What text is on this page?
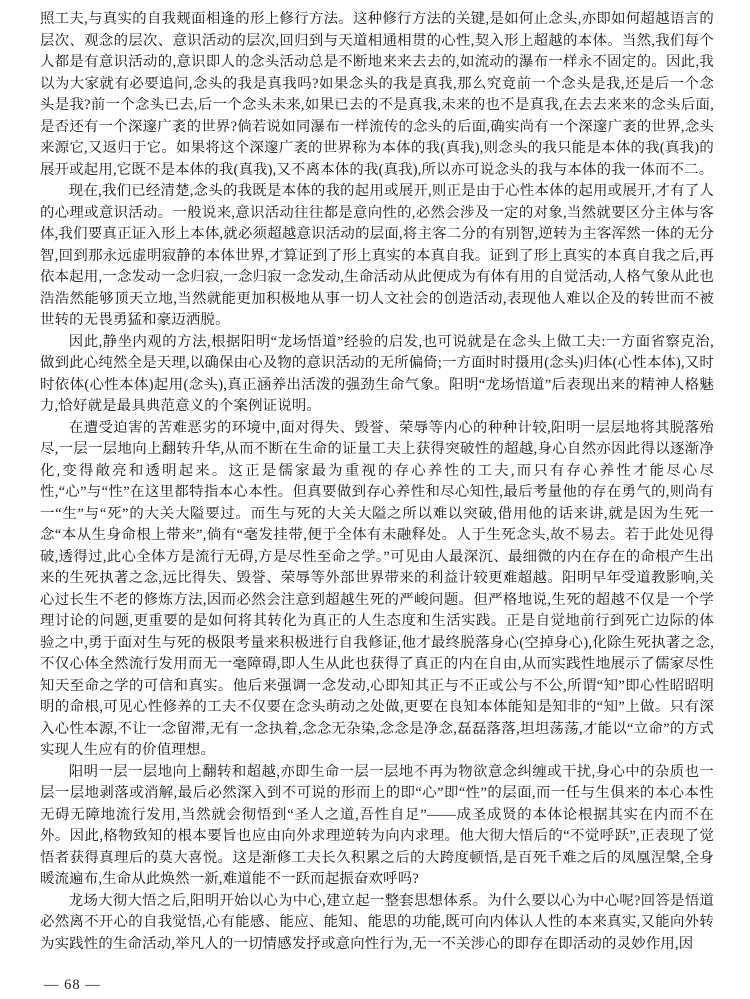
照工夫,与真实的自我觌面相逢的形上修行方法。这种修行方法的关键,是如何止念头,亦即如何超越语言的层次、观念的层次、意识活动的层次,回归到与天道相通相贯的心性,契入形上超越的本体。当然,我们每个人都是有意识活动的,意识即人的念头活动总是不断地来来去去的,如流动的瀑布一样永不固定的。因此,我以为大家就有必要追问,念头的我是真我吗?如果念头的我是真我,那么究竟前一个念头是我,还是后一个念头是我?前一个念头已去,后一个念头未来,如果已去的不是真我,未来的也不是真我,在去去来来的念头后面,是否还有一个深邃广袤的世界?倘若说如同瀑布一样流传的念头的后面,确实尚有一个深邃广袤的世界,念头来源它,又返归于它。如果将这个深邃广袤的世界称为本体的我(真我),则念头的我只能是本体的我(真我)的展开或起用,它既不是本体的我(真我),又不离本体的我(真我),所以亦可说念头的我与本体的我一体而不二。

现在,我们已经清楚,念头的我既是本体的我的起用或展开,则正是由于心性本体的起用或展开,才有了人的心理或意识活动。一般说来,意识活动往往都是意向性的,必然会涉及一定的对象,当然就要区分主体与客体,我们要真正证入形上本体,就必须超越意识活动的层面,将主客二分的有别智,逆转为主客浑然一体的无分智,回到那永远虚明寂静的本体世界,才算证到了形上真实的本真自我。证到了形上真实的本真自我之后,再依本起用,一念发动一念归寂,一念归寂一念发动,生命活动从此便成为有体有用的自觉活动,人格气象从此也浩浩然能够顶天立地,当然就能更加积极地从事一切人文社会的创造活动,表现他人难以企及的转世而不被世转的无畏勇猛和豪迈洒脱。

因此,静坐内观的方法,根据阳明“龙场悟道”经验的启发,也可说就是在念头上做工夫:一方面省察克治,做到此心纯然全是天理,以确保由心及物的意识活动的无所偏倚;一方面时时摄用(念头)归体(心性本体),又时时依体(心性本体)起用(念头),真正涵养出活泼的强劲生命气象。阳明“龙场悟道”后表现出来的精神人格魅力,恰好就是最具典范意义的个案例证说明。

在遭受迫害的苦难恶劣的环境中,面对得失、毁誉、荣辱等内心的种种计较,阳明一层层地将其脱落殆尽,一层一层地向上翻转升华,从而不断在生命的证量工夫上获得突破性的超越,身心自然亦因此得以逐渐净化,变得敞亮和透明起来。这正是儒家最为重视的存心养性的工夫,而只有存心养性才能尽心尽性,“心”与“性”在这里都特指本心本性。但真要做到存心养性和尽心知性,最后考量他的存在勇气的,则尚有一“生”与“死”的大关大隘要过。而生与死的大关大隘之所以难以突破,借用他的话来讲,就是因为生死一念“本从生身命根上带来”,倘有“毫发挂带,便于全体有未融释处。人于生死念头,故不易去。若于此处见得破,透得过,此心全体方是流行无碍,方是尽性至命之学。”可见由人最深沉、最细微的内在存在的命根产生出来的生死执著之念,远比得失、毁誉、荣辱等外部世界带来的利益计较更难超越。阳明早年受道教影响,关心过长生不老的修炼方法,因而必然会注意到超越生死的严峻问题。但严格地说,生死的超越不仅是一个学理讨论的问题,更重要的是如何将其转化为真正的人生态度和生活实践。正是自觉地前行到死亡边际的体验之中,勇于面对生与死的极限考量来积极进行自我修证,他才最终脱落身心(空掉身心),化除生死执著之念,不仅心体全然流行发用而无一毫障碍,即人生从此也获得了真正的内在自由,从而实践性地展示了儒家尽性知天至命之学的可信和真实。他后来强调一念发动,心即知其正与不正或公与不公,所谓“知”即心性昭昭明明的命根,可见心性修养的工夫不仅要在念头萌动之处做,更要在良知本体能知是知非的“知”上做。只有深入心性本源,不让一念留滞,无有一念执着,念念无杂染,念念是净念,磊磊落落,坦坦荡荡,才能以“立命”的方式实现人生应有的价值理想。

阳明一层一层地向上翻转和超越,亦即生命一层一层地不再为物欲意念纠缠或干扰,身心中的杂质也一层一层地剥落或消解,最后必然深入到不可说的形而上的即“心”即“性”的层面,而一任与生俱来的本心本性无碍无障地流行发用,当然就会彻悟到“圣人之道,吾性自足”——成圣成贤的本体论根据其实在内而不在外。因此,格物致知的根本要旨也应由向外求理逆转为向内求理。他大彻大悟后的“不觉呼跃”,正表现了觉悟者获得真理后的莫大喜悦。这是渐修工夫长久积累之后的大跨度顿悟,是百死千难之后的凤凰涅槃,全身暖流遍布,生命从此焕然一新,难道能不一跃而起振奋欢呼吗?

龙场大彻大悟之后,阳明开始以心为中心,建立起一整套思想体系。为什么要以心为中心呢?回答是悟道必然离不开心的自我觉悟,心有能感、能应、能知、能思的功能,既可向内体认人性的本来真实,又能向外转为实践性的生命活动,举凡人的一切情感发抒或意向性行为,无一不关涉心的即存在即活动的灵妙作用,因

— 68 —
